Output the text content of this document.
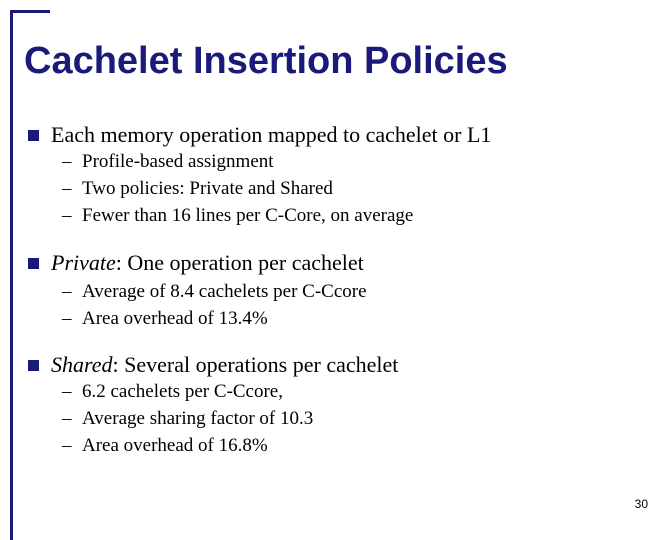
Cachelet Insertion Policies
Each memory operation mapped to cachelet or L1
– Profile-based assignment
– Two policies: Private and Shared
– Fewer than 16 lines per C-Core, on average
Private: One operation per cachelet
– Average of 8.4 cachelets per C-Ccore
– Area overhead of 13.4%
Shared: Several operations per cachelet
– 6.2 cachelets per C-Ccore,
– Average sharing factor of 10.3
– Area overhead of 16.8%
30
